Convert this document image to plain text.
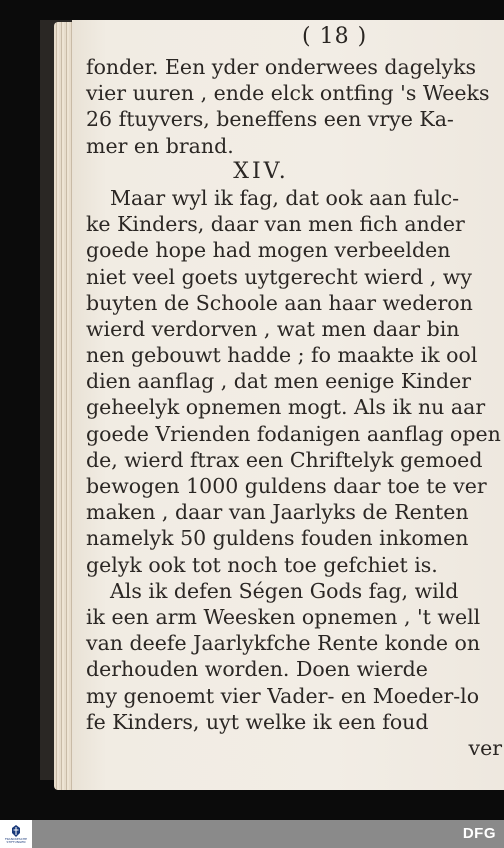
( 18 )

fonder. Een yder onderwees dagelyks
vier uuren , ende elck ontfing 's Weeks
26 ftuyvers, beneffens een vrye Ka-
mer en brand.
XIV.
Maar wyl ik fag, dat ook aan fulc-
ke Kinders, daar van men fich ander
goede hope had mogen verbeelden
niet veel goets uytgerecht wierd , wy
buyten de Schoole aan haar wederon
wierd verdorven , wat men daar bin
nen gebouwt hadde ; fo maakte ik ool
dien aanflag , dat men eenige Kinder
geheelyk opnemen mogt. Als ik nu aar
goede Vrienden fodanigen aanflag open
de, wierd ftrax een Chriftelyk gemoed
bewogen 1000 guldens daar toe te ver
maken , daar van Jaarlyks de Renten
namelyk 50 guldens fouden inkomen
gelyk ook tot noch toe gefchiet is.
Als ik defen Ségen Gods fag, wild
ik een arm Weesken opnemen , 't well
van deefe Jaarlykfche Rente konde on
derhouden worden. Doen wierde
my genoemt vier Vader- en Moeder-lo
fe Kinders, uyt welke ik een foud
ver
FRANCKESCHE STIFTUNGEN
DFG
